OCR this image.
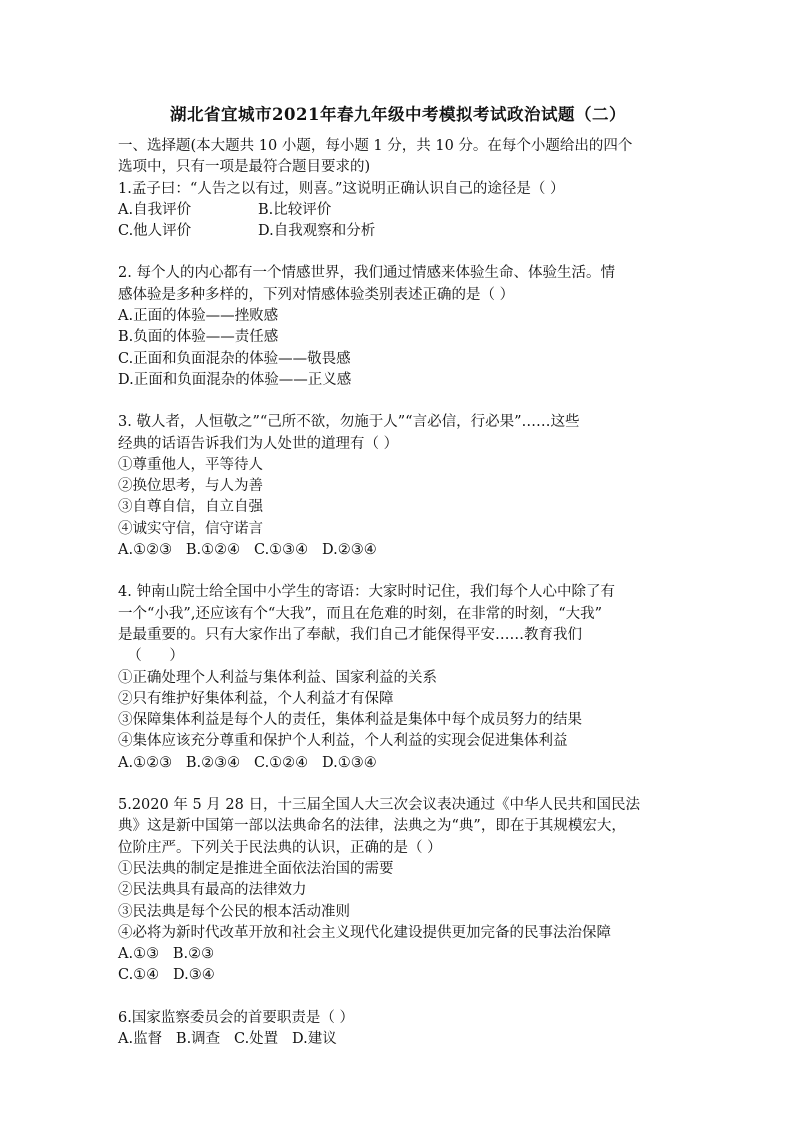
湖北省宜城市2021年春九年级中考模拟考试政治试题（二）

一、选择题(本大题共 10 小题，每小题 1 分，共 10 分。在每个小题给出的四个

选项中，只有一项是最符合题目要求的)

1.孟子曰：“人告之以有过，则喜。”这说明正确认识自己的途径是（ ）

A.自我评价	B.比较评价

C.他人评价	D.自我观察和分析

2. 每个人的内心都有一个情感世界，我们通过情感来体验生命、体验生活。情

感体验是多种多样的，下列对情感体验类别表述正确的是（ ）

A.正面的体验——挫败感

B.负面的体验——责任感

C.正面和负面混杂的体验——敬畏感

D.正面和负面混杂的体验——正义感

3. 敬人者，人恒敬之”“己所不欲，勿施于人”“言必信，行必果”……这些

经典的话语告诉我们为人处世的道理有（ ）

①尊重他人，平等待人

②换位思考，与人为善

③自尊自信，自立自强

④诚实守信，信守诺言

A.①②③   B.①②④   C.①③④   D.②③④

4. 钟南山院士给全国中小学生的寄语：大家时时记住，我们每个人心中除了有

一个“小我”,还应该有个“大我”，而且在危难的时刻，在非常的时刻，“大我”

是最重要的。只有大家作出了奉献，我们自己才能保得平安……教育我们

（      ）

①正确处理个人利益与集体利益、国家利益的关系

②只有维护好集体利益，个人利益才有保障

③保障集体利益是每个人的责任，集体利益是集体中每个成员努力的结果

④集体应该充分尊重和保护个人利益，个人利益的实现会促进集体利益

A.①②③   B.②③④   C.①②④   D.①③④

5.2020 年 5 月 28 日，十三届全国人大三次会议表决通过《中华人民共和国民法

典》这是新中国第一部以法典命名的法律，法典之为“典”，即在于其规模宏大，

位阶庄严。下列关于民法典的认识，正确的是（ ）

①民法典的制定是推进全面依法治国的需要

②民法典具有最高的法律效力

③民法典是每个公民的根本活动准则

④必将为新时代改革开放和社会主义现代化建设提供更加完备的民事法治保障

A.①③   B.②③

C.①④   D.③④

6.国家监察委员会的首要职责是（ ）

A.监督   B.调查   C.处置   D.建议
